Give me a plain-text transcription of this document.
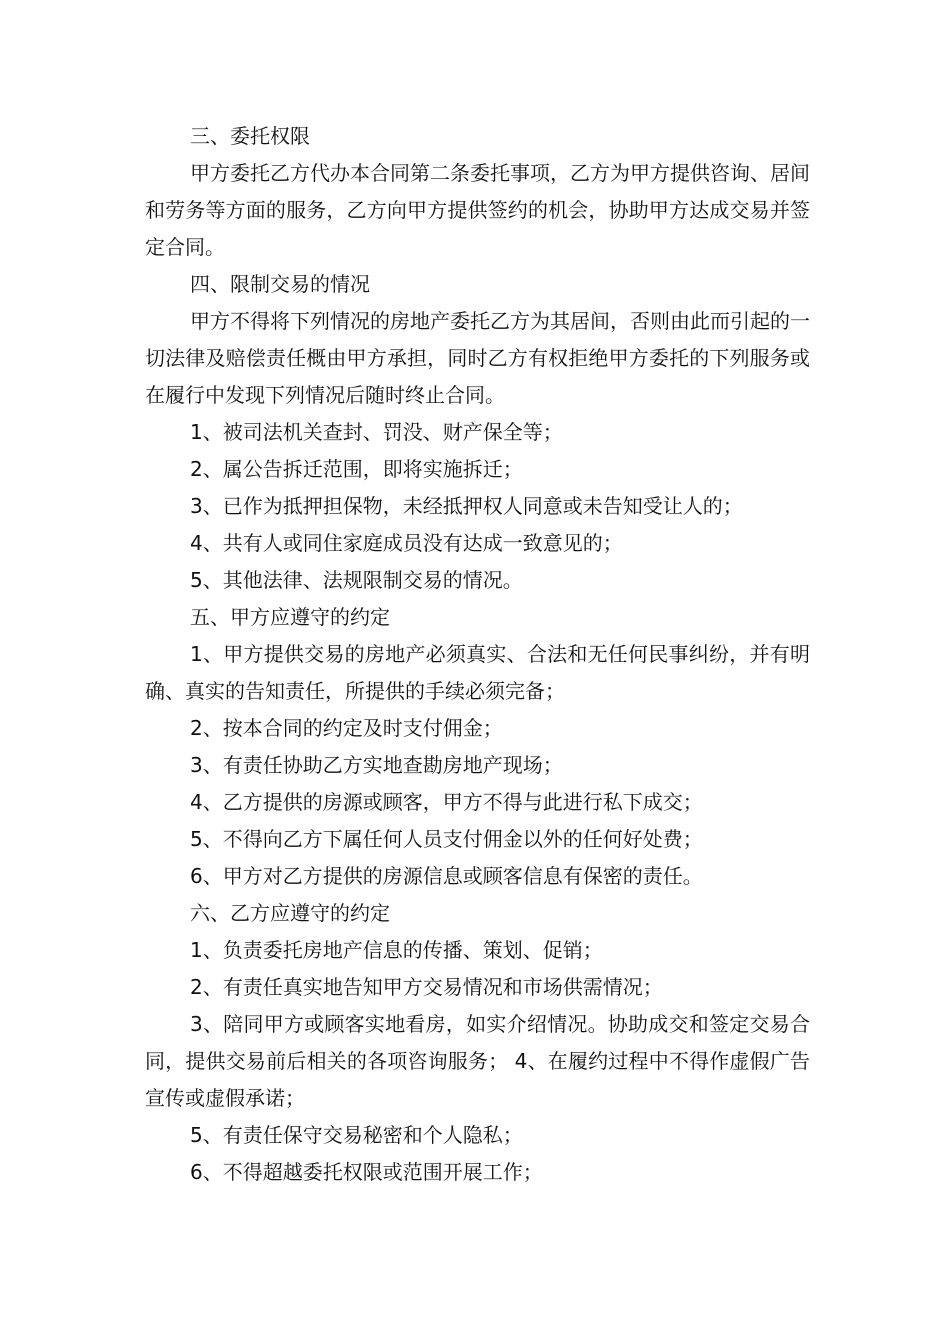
三、委托权限

甲方委托乙方代办本合同第二条委托事项，乙方为甲方提供咨询、居间和劳务等方面的服务，乙方向甲方提供签约的机会，协助甲方达成交易并签定合同。

四、限制交易的情况

甲方不得将下列情况的房地产委托乙方为其居间，否则由此而引起的一切法律及赔偿责任概由甲方承担，同时乙方有权拒绝甲方委托的下列服务或在履行中发现下列情况后随时终止合同。

1、被司法机关查封、罚没、财产保全等；

2、属公告拆迁范围，即将实施拆迁；

3、已作为抵押担保物，未经抵押权人同意或未告知受让人的；

4、共有人或同住家庭成员没有达成一致意见的；

5、其他法律、法规限制交易的情况。

五、甲方应遵守的约定

1、甲方提供交易的房地产必须真实、合法和无任何民事纠纷，并有明确、真实的告知责任，所提供的手续必须完备；

2、按本合同的约定及时支付佣金；

3、有责任协助乙方实地查勘房地产现场；

4、乙方提供的房源或顾客，甲方不得与此进行私下成交；

5、不得向乙方下属任何人员支付佣金以外的任何好处费；

6、甲方对乙方提供的房源信息或顾客信息有保密的责任。

六、乙方应遵守的约定

1、负责委托房地产信息的传播、策划、促销；

2、有责任真实地告知甲方交易情况和市场供需情况；

3、陪同甲方或顾客实地看房，如实介绍情况。协助成交和签定交易合同，提供交易前后相关的各项咨询服务； 4、在履约过程中不得作虚假广告宣传或虚假承诺；

5、有责任保守交易秘密和个人隐私；

6、不得超越委托权限或范围开展工作；
